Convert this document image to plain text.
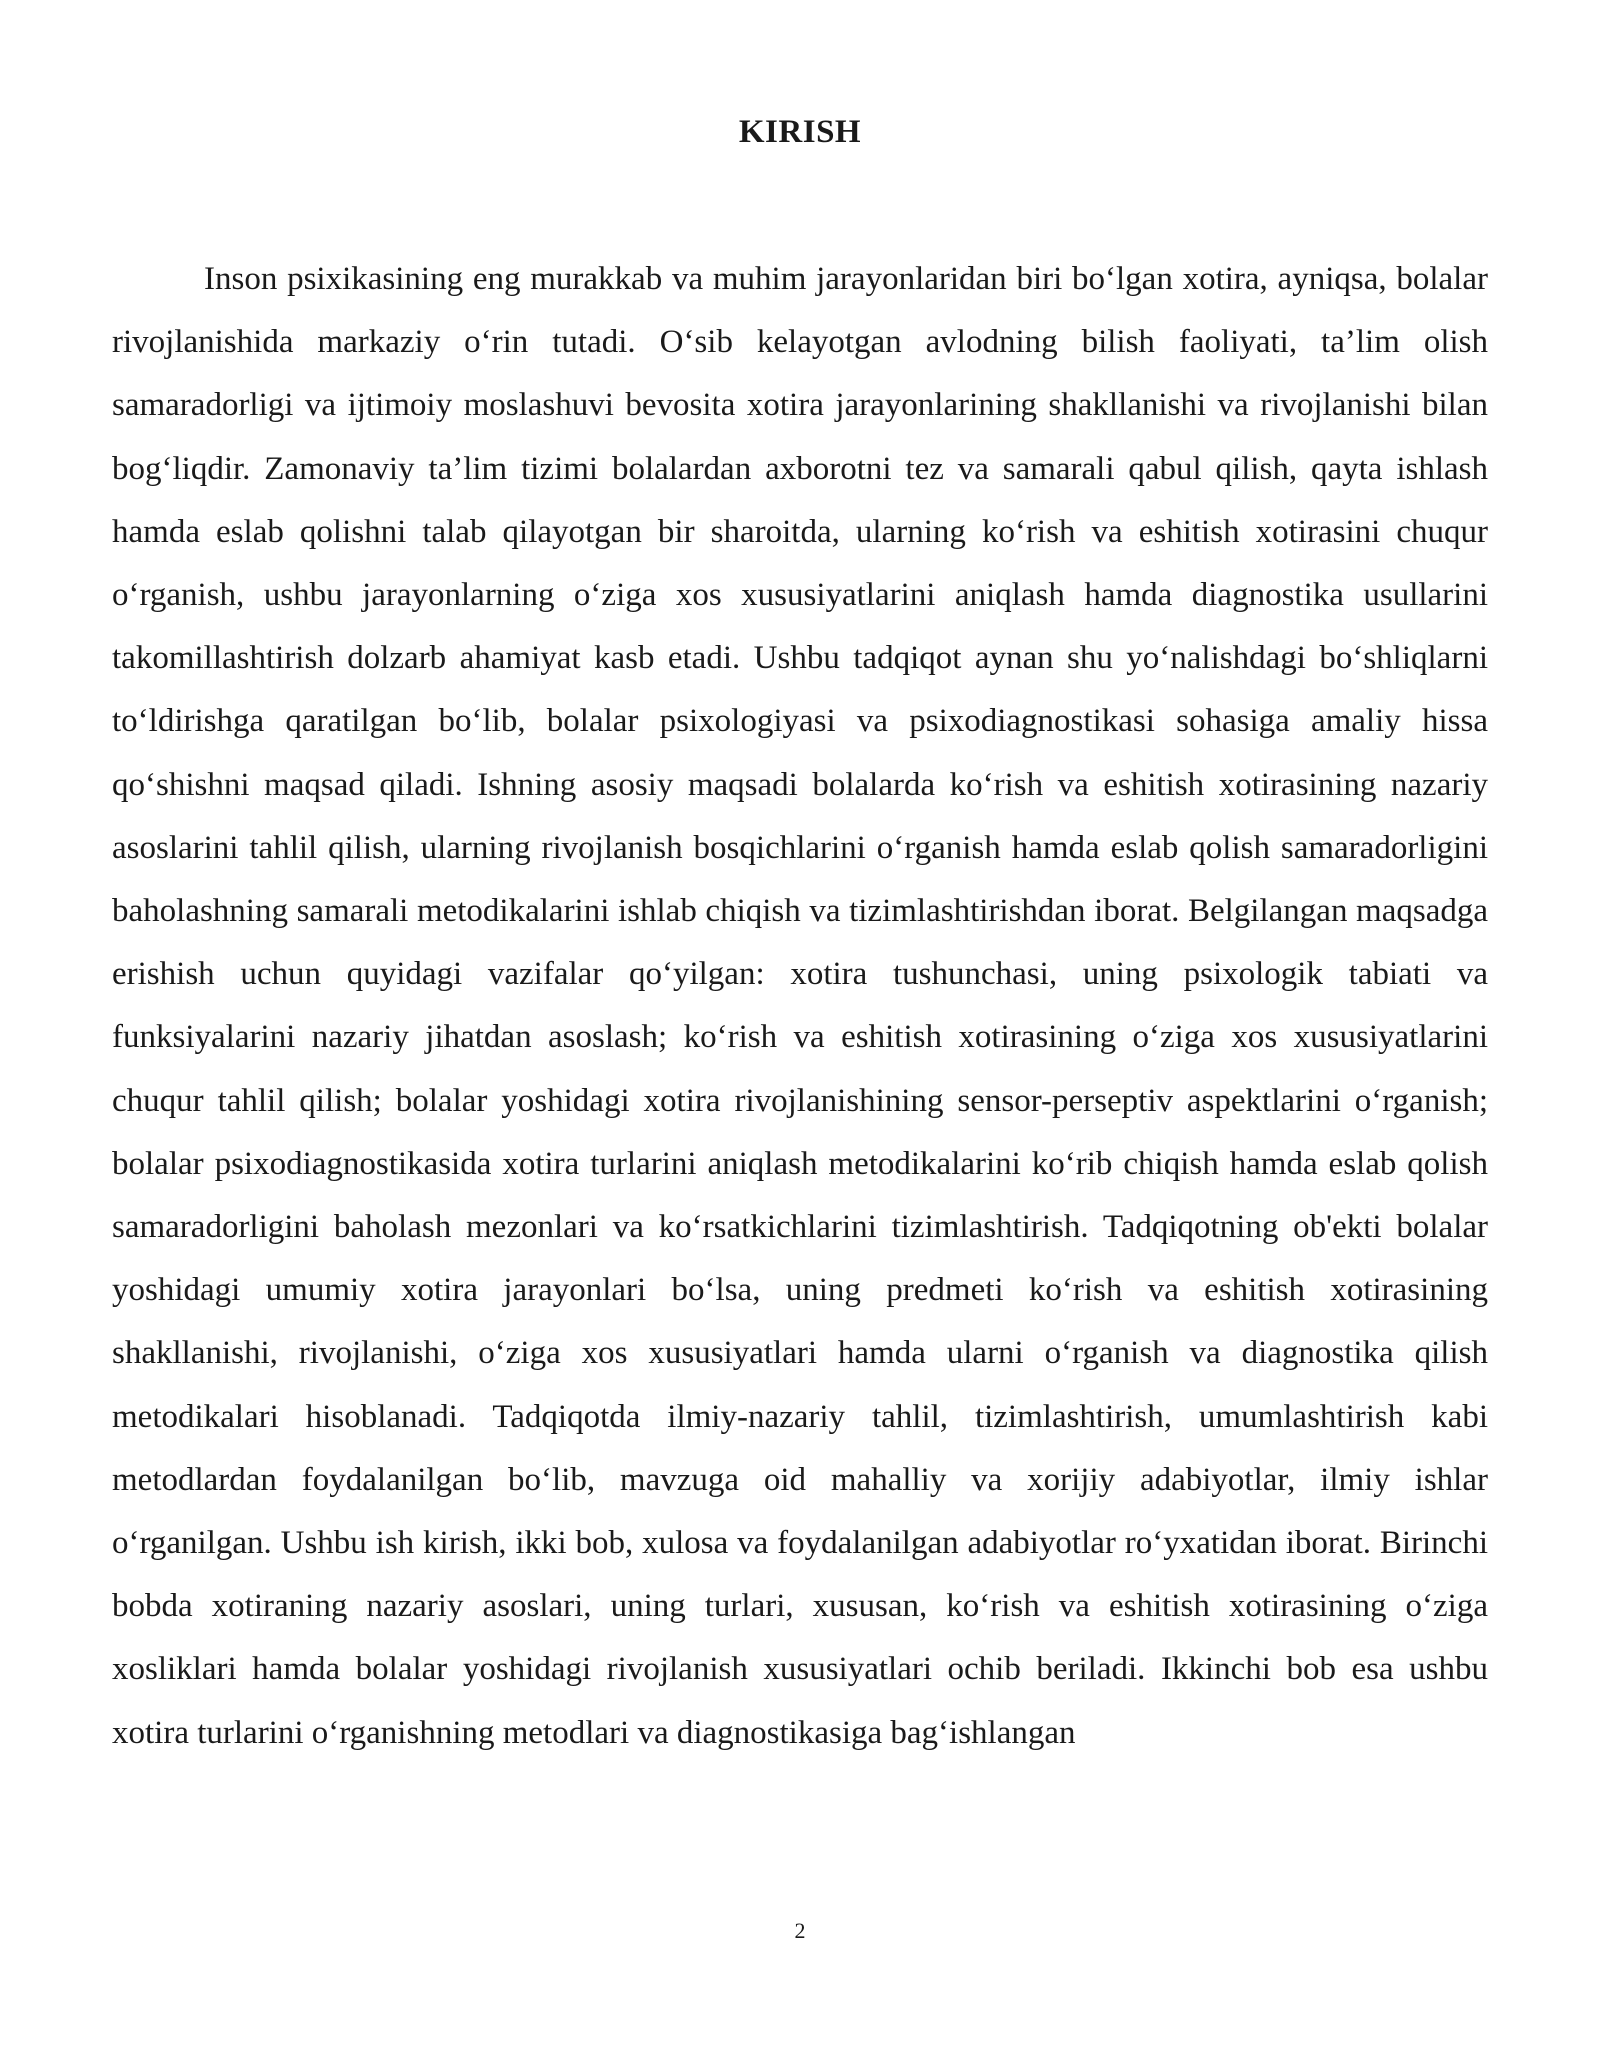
KIRISH

Inson psixikasining eng murakkab va muhim jarayonlaridan biri bo‘lgan xotira, ayniqsa, bolalar rivojlanishida markaziy o‘rin tutadi. O‘sib kelayotgan avlodning bilish faoliyati, ta’lim olish samaradorligi va ijtimoiy moslashuvi bevosita xotira jarayonlarining shakllanishi va rivojlanishi bilan bog‘liqdir. Zamonaviy ta’lim tizimi bolalardan axborotni tez va samarali qabul qilish, qayta ishlash hamda eslab qolishni talab qilayotgan bir sharoitda, ularning ko‘rish va eshitish xotirasini chuqur o‘rganish, ushbu jarayonlarning o‘ziga xos xususiyatlarini aniqlash hamda diagnostika usullarini takomillashtirish dolzarb ahamiyat kasb etadi. Ushbu tadqiqot aynan shu yo‘nalishdagi bo‘shliqlarni to‘ldirishga qaratilgan bo‘lib, bolalar psixologiyasi va psixodiagnostikasi sohasiga amaliy hissa qo‘shishni maqsad qiladi. Ishning asosiy maqsadi bolalarda ko‘rish va eshitish xotirasining nazariy asoslarini tahlil qilish, ularning rivojlanish bosqichlarini o‘rganish hamda eslab qolish samaradorligini baholashning samarali metodikalarini ishlab chiqish va tizimlashtirishdan iborat. Belgilangan maqsadga erishish uchun quyidagi vazifalar qo‘yilgan: xotira tushunchasi, uning psixologik tabiati va funksiyalarini nazariy jihatdan asoslash; ko‘rish va eshitish xotirasining o‘ziga xos xususiyatlarini chuqur tahlil qilish; bolalar yoshidagi xotira rivojlanishining sensor-perseptiv aspektlarini o‘rganish; bolalar psixodiagnostikasida xotira turlarini aniqlash metodikalarini ko‘rib chiqish hamda eslab qolish samaradorligini baholash mezonlari va ko‘rsatkichlarini tizimlashtirish. Tadqiqotning ob'ekti bolalar yoshidagi umumiy xotira jarayonlari bo‘lsa, uning predmeti ko‘rish va eshitish xotirasining shakllanishi, rivojlanishi, o‘ziga xos xususiyatlari hamda ularni o‘rganish va diagnostika qilish metodikalari hisoblanadi. Tadqiqotda ilmiy-nazariy tahlil, tizimlashtirish, umumlashtirish kabi metodlardan foydalanilgan bo‘lib, mavzuga oid mahalliy va xorijiy adabiyotlar, ilmiy ishlar o‘rganilgan. Ushbu ish kirish, ikki bob, xulosa va foydalanilgan adabiyotlar ro‘yxatidan iborat. Birinchi bobda xotiraning nazariy asoslari, uning turlari, xususan, ko‘rish va eshitish xotirasining o‘ziga xosliklari hamda bolalar yoshidagi rivojlanish xususiyatlari ochib beriladi. Ikkinchi bob esa ushbu xotira turlarini o‘rganishning metodlari va diagnostikasiga bag‘ishlangan

2
